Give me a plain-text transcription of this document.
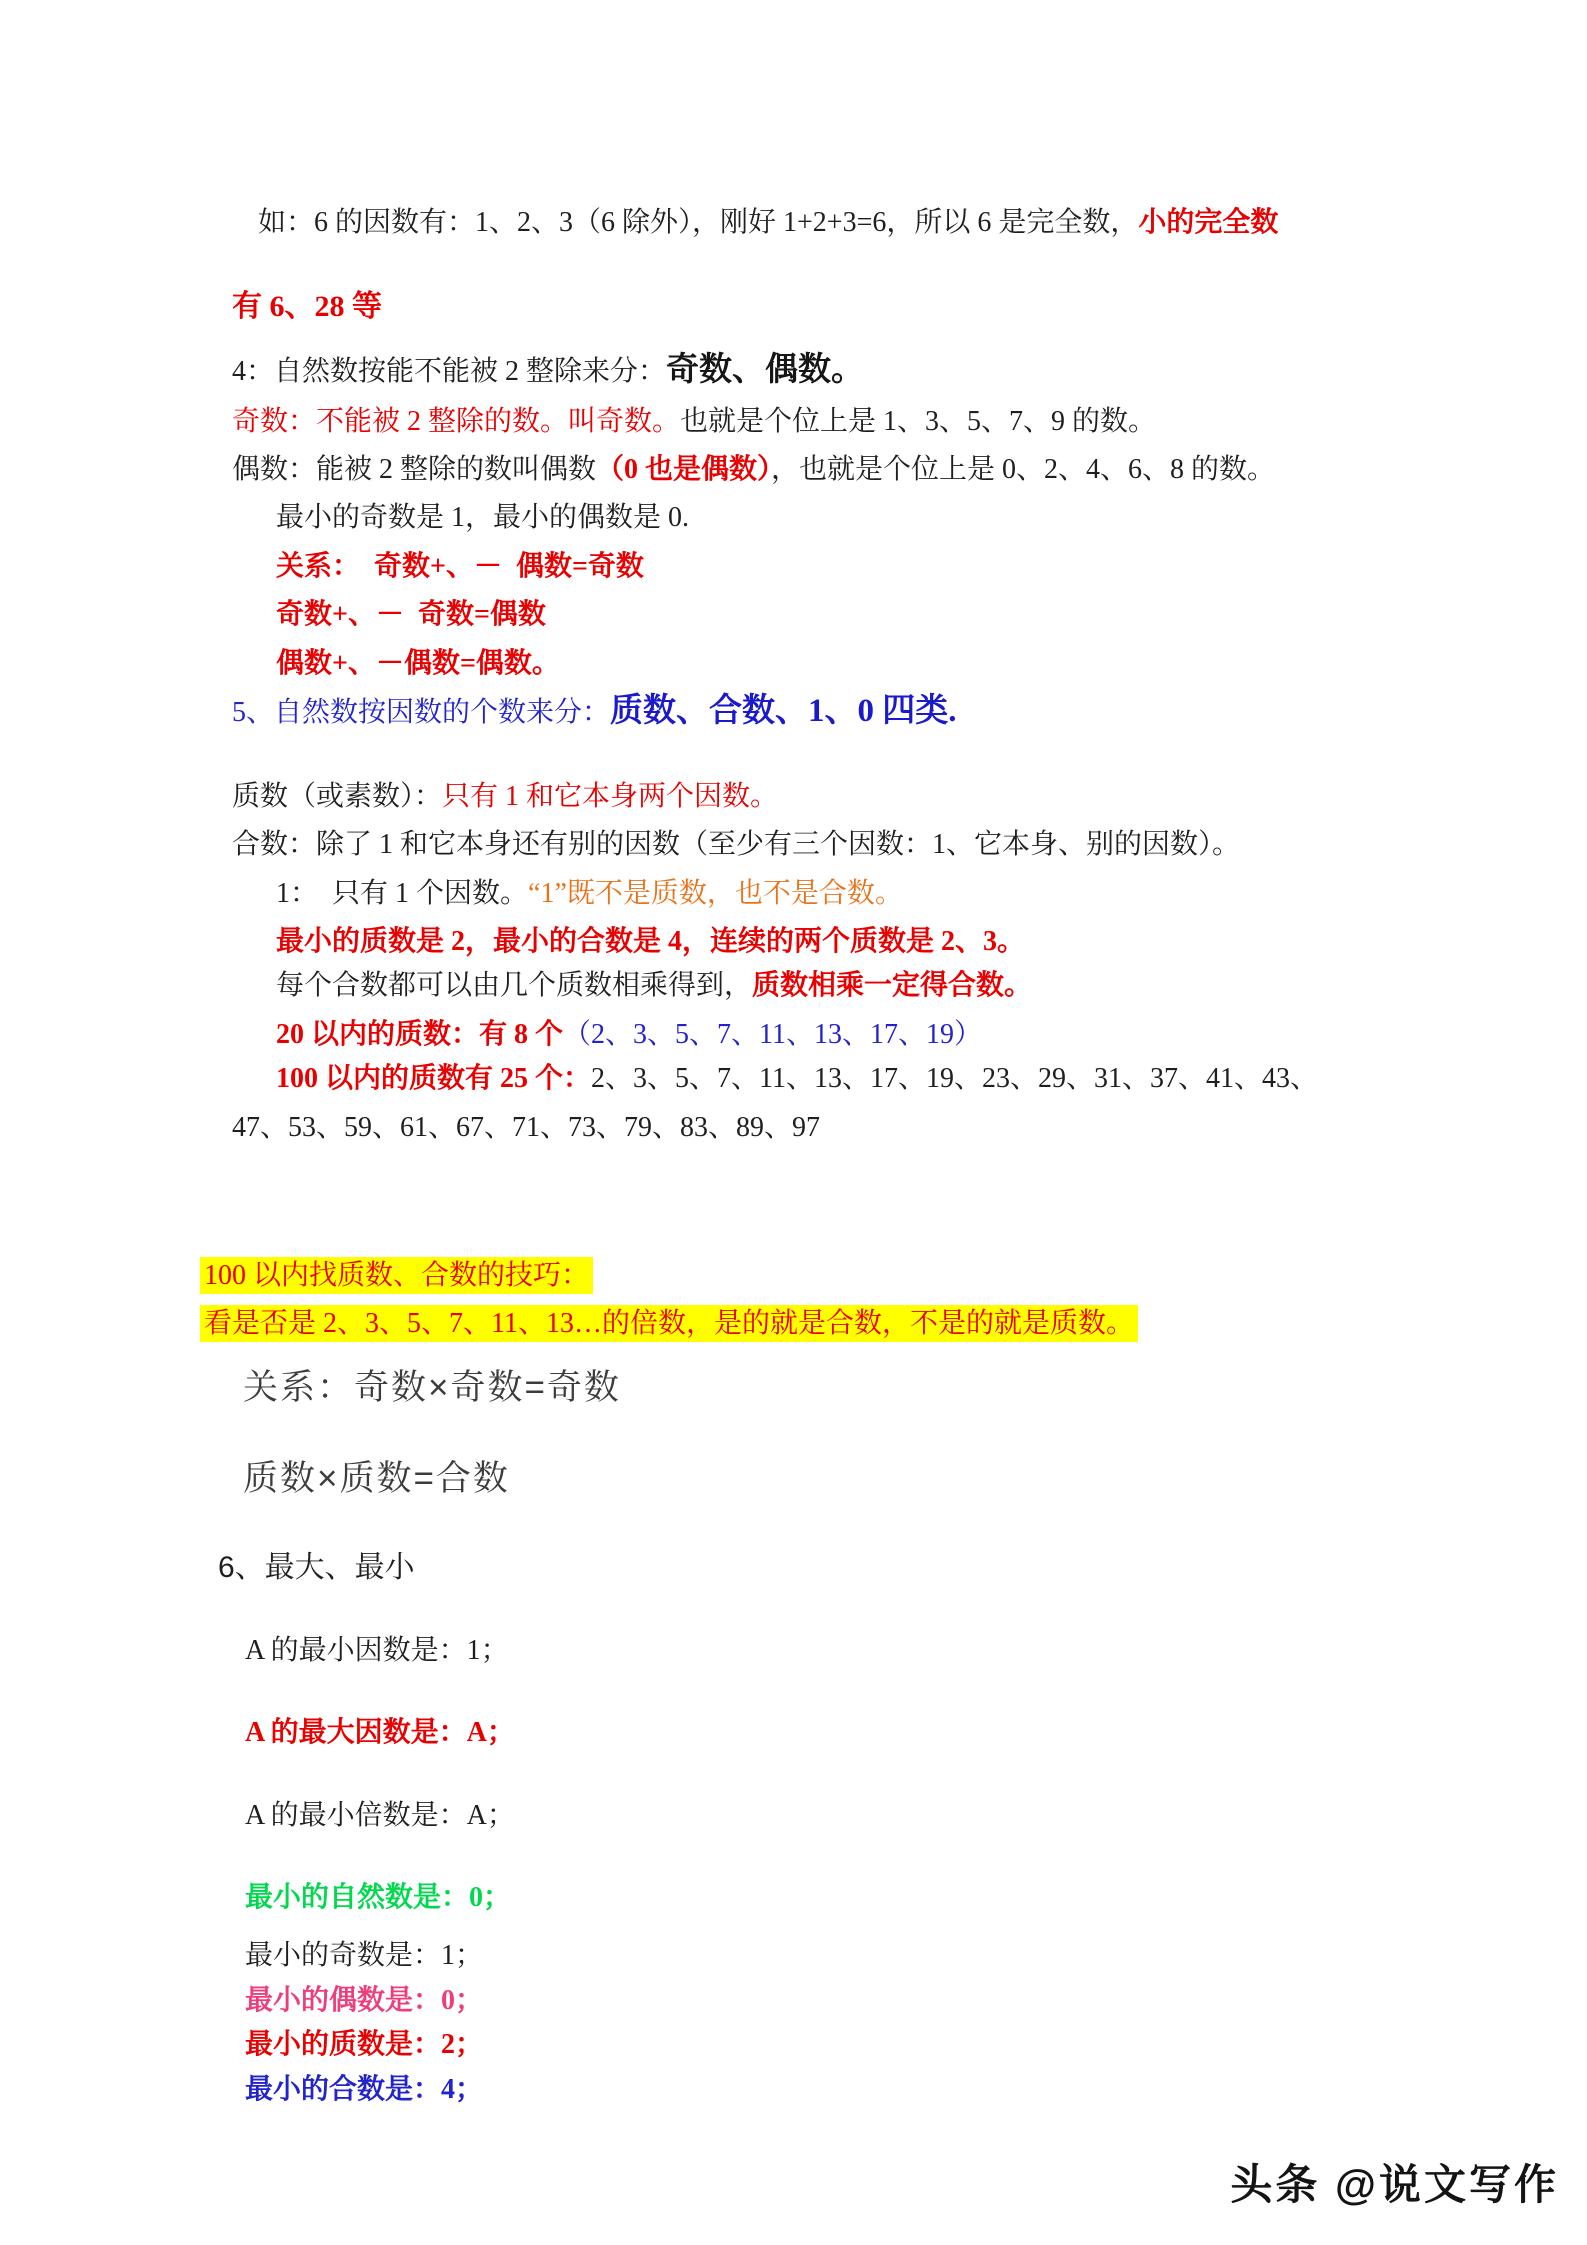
如：6 的因数有：1、2、3（6 除外），刚好 1+2+3=6，所以 6 是完全数，小的完全数

有 6、28 等

4：自然数按能不能被 2 整除来分：奇数、偶数。

奇数：不能被 2 整除的数。叫奇数。也就是个位上是 1、3、5、7、9 的数。

偶数：能被 2 整除的数叫偶数（0 也是偶数），也就是个位上是 0、2、4、6、8 的数。

最小的奇数是 1，最小的偶数是 0.

关系：  奇数+、－  偶数=奇数

奇数+、－  奇数=偶数

偶数+、－偶数=偶数。

5、自然数按因数的个数来分：质数、合数、1、0 四类.

质数（或素数）：只有 1 和它本身两个因数。

合数：除了 1 和它本身还有别的因数（至少有三个因数：1、它本身、别的因数）。

1：  只有 1 个因数。“1”既不是质数，也不是合数。

最小的质数是 2，最小的合数是 4，连续的两个质数是 2、3。

每个合数都可以由几个质数相乘得到，质数相乘一定得合数。

20 以内的质数：有 8 个（2、3、5、7、11、13、17、19）

100 以内的质数有 25 个：2、3、5、7、11、13、17、19、23、29、31、37、41、43、

47、53、59、61、67、71、73、79、83、89、97

100 以内找质数、合数的技巧：

看是否是 2、3、5、7、11、13…的倍数，是的就是合数，不是的就是质数。

关系：奇数×奇数=奇数

质数×质数=合数

6、最大、最小

A 的最小因数是：1；

A 的最大因数是：A；

A 的最小倍数是：A；

最小的自然数是：0；

最小的奇数是：1；

最小的偶数是：0；

最小的质数是：2；

最小的合数是：4；

头条 @说文写作
